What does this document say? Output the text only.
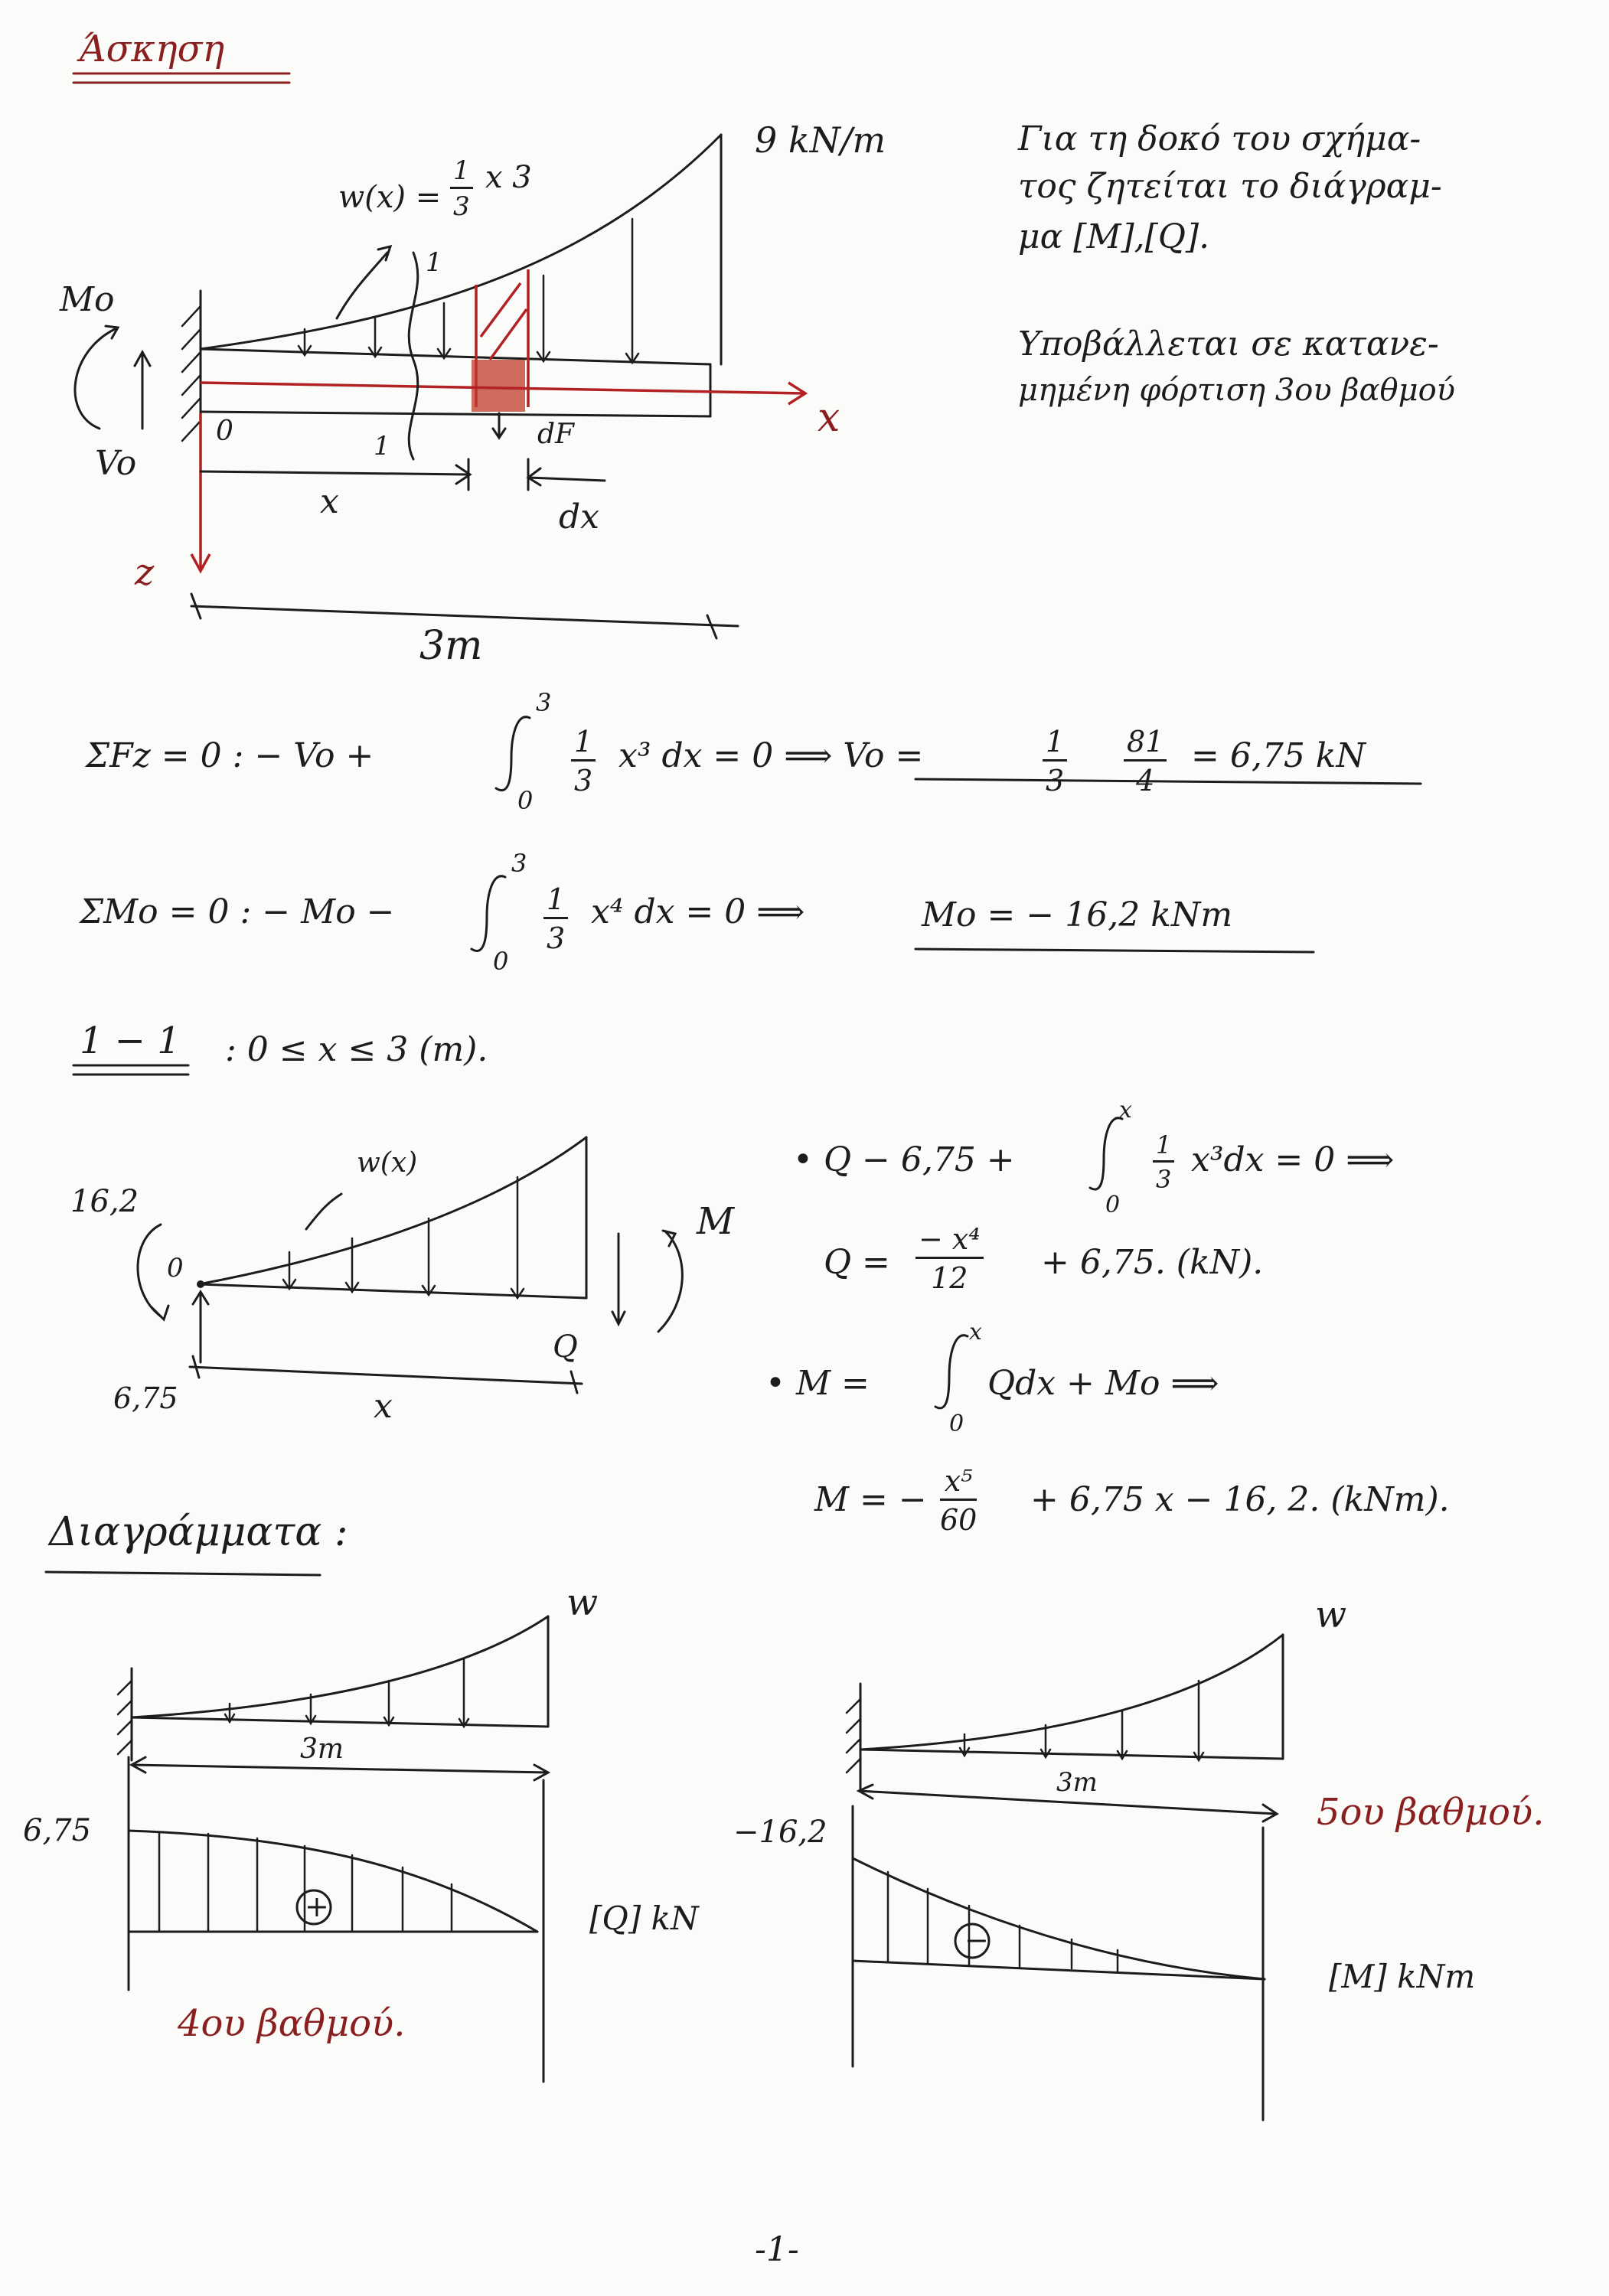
Άσκηση
Για τη δοκό του σχήμα-
τος ζητείται το διάγραμ-
μα [M],[Q].
Υποβάλλεται σε κατανε-
μημένη φόρτιση 3ου βαθμού
$w(x) = \frac{1}{3}$ x 3
9 kN/m
Mo
Vo
0
1
1	dF
x	dx
x
z
3m
ΣFz = 0 : − Vo +
3
0
$\frac{1}{3} x^3$ dx = 0 ⟹ Vo =	$\frac{1}{3} \frac{81}{4} = 6,75$ kN
ΣMo = 0 : − Mo −
3
0
$\frac{1}{3} x^4$ dx = 0 ⟹	Mo = − 16,2 kNm
1 − 1 : 0 ≤ x ≤ 3 (m).
• Q − 6,75 +
x
0
$\frac{1}{3} x^3dx = 0$ ⟹
$Q = \frac{\text{− x⁴}}{12} + 6,75$. (kN).
• M =
x
0
Qdx + Mo ⟹
M = − $\frac{\text{x⁵}}{60} + 6,75$ x − 16, 2. (kNm).
16,2
0
6,75
w(x)
M
Q
x
Διαγράμματα :
w
3m
6,75
+	[Q] kN
4ου βαθμού.
w
3m
−16,2
−
[M] kNm
5ου βαθμού.
-1-
